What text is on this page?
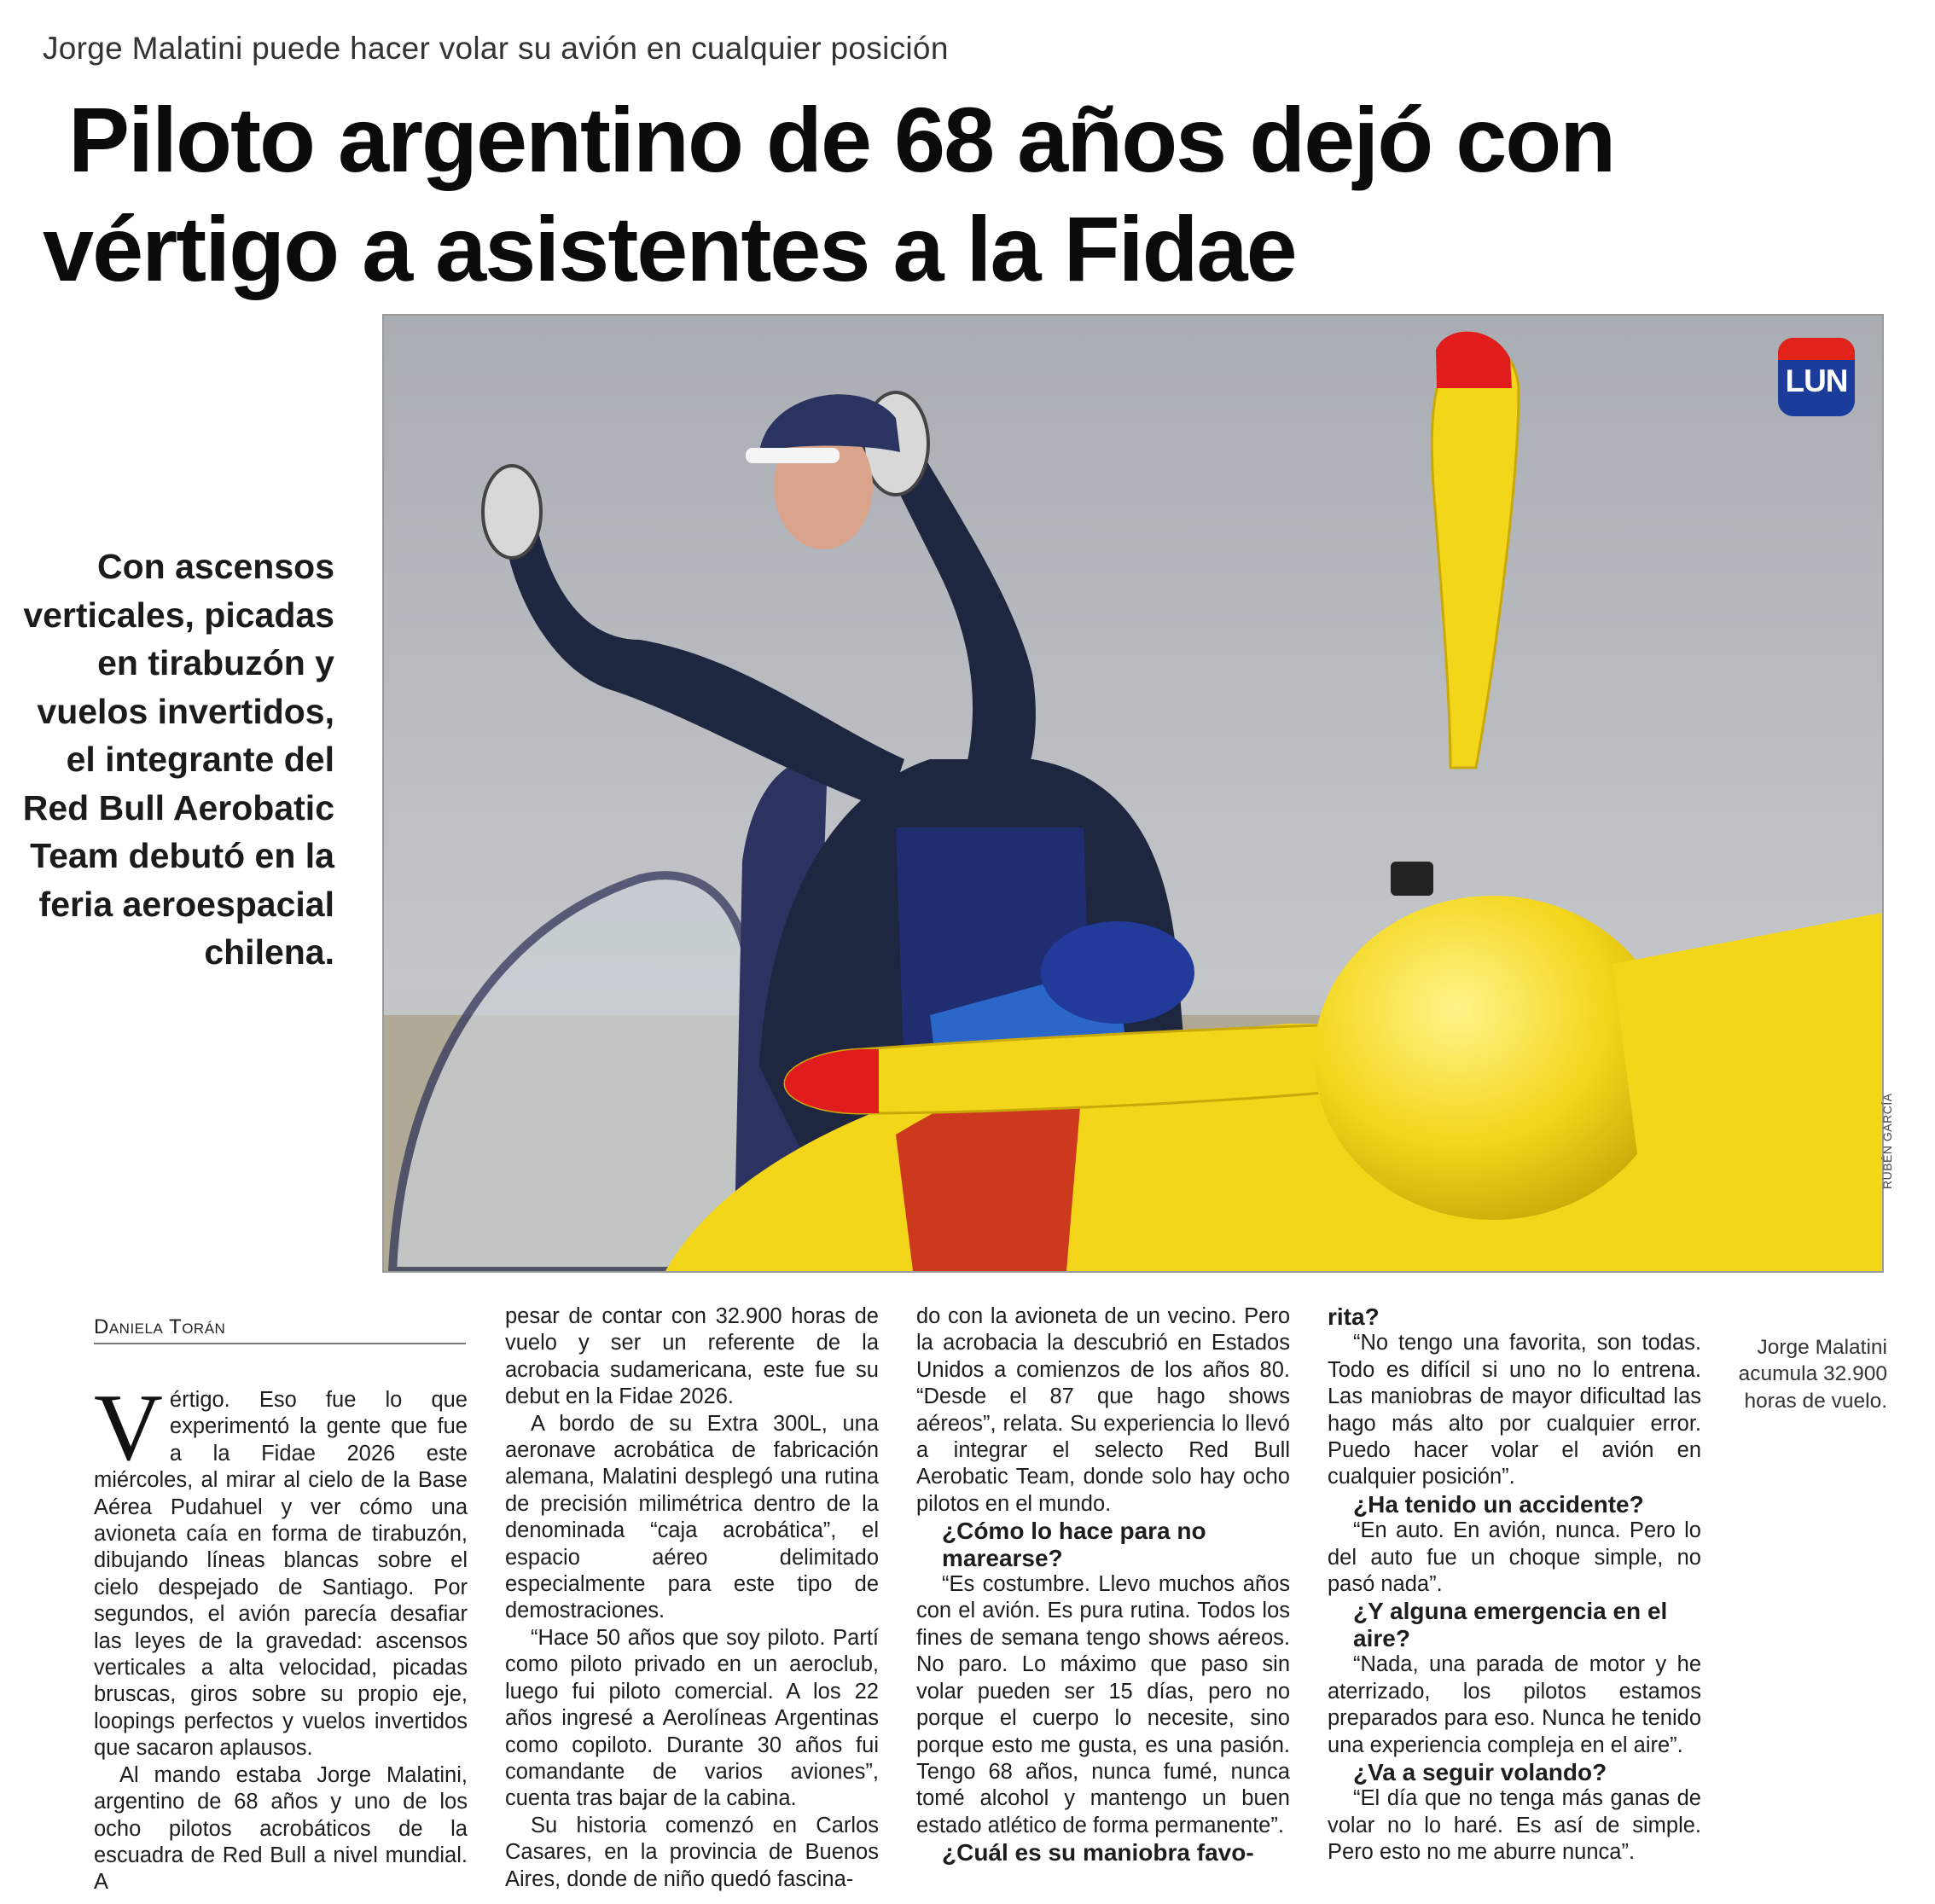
Jorge Malatini puede hacer volar su avión en cualquier posición
Piloto argentino de 68 años dejó con
vértigo a asistentes a la Fidae
Con ascensos verticales, picadas en tirabuzón y vuelos invertidos, el integrante del Red Bull Aerobatic Team debutó en la feria aeroespacial chilena.
LUN
RUBÉN GARCÍA
Daniela Torán
V értigo. Eso fue lo que experimentó la gente que fue a la Fidae 2026 este miércoles, al mirar al cielo de la Base Aérea Pudahuel y ver cómo una avioneta caía en forma de tirabuzón, dibujando líneas blancas sobre el cielo despejado de Santiago. Por segundos, el avión parecía desafiar las leyes de la gravedad: ascensos verticales a alta velocidad, picadas bruscas, giros sobre su propio eje, loopings perfectos y vuelos invertidos que sacaron aplausos.

Al mando estaba Jorge Malatini, argentino de 68 años y uno de los ocho pilotos acrobáticos de la escuadra de Red Bull a nivel mundial. A

pesar de contar con 32.900 horas de vuelo y ser un referente de la acrobacia sudamericana, este fue su debut en la Fidae 2026.

A bordo de su Extra 300L, una aeronave acrobática de fabricación alemana, Malatini desplegó una rutina de precisión milimétrica dentro de la denominada “caja acrobática”, el espacio aéreo delimitado especialmente para este tipo de demostraciones.

“Hace 50 años que soy piloto. Partí como piloto privado en un aeroclub, luego fui piloto comercial. A los 22 años ingresé a Aerolíneas Argentinas como copiloto. Durante 30 años fui comandante de varios aviones”, cuenta tras bajar de la cabina.

Su historia comenzó en Carlos Casares, en la provincia de Buenos Aires, donde de niño quedó fascina-

do con la avioneta de un vecino. Pero la acrobacia la descubrió en Estados Unidos a comienzos de los años 80. “Desde el 87 que hago shows aéreos”, relata. Su experiencia lo llevó a integrar el selecto Red Bull Aerobatic Team, donde solo hay ocho pilotos en el mundo.

¿Cómo lo hace para no marearse?

“Es costumbre. Llevo muchos años con el avión. Es pura rutina. Todos los fines de semana tengo shows aéreos. No paro. Lo máximo que paso sin volar pueden ser 15 días, pero no porque el cuerpo lo necesite, sino porque esto me gusta, es una pasión. Tengo 68 años, nunca fumé, nunca tomé alcohol y mantengo un buen estado atlético de forma permanente”.

¿Cuál es su maniobra favo-

rita?

“No tengo una favorita, son todas. Todo es difícil si uno no lo entrena. Las maniobras de mayor dificultad las hago más alto por cualquier error. Puedo hacer volar el avión en cualquier posición”.

¿Ha tenido un accidente?

“En auto. En avión, nunca. Pero lo del auto fue un choque simple, no pasó nada”.

¿Y alguna emergencia en el aire?

“Nada, una parada de motor y he aterrizado, los pilotos estamos preparados para eso. Nunca he tenido una experiencia compleja en el aire”.

¿Va a seguir volando?

“El día que no tenga más ganas de volar no lo haré. Es así de simple. Pero esto no me aburre nunca”.

Jorge Malatini acumula 32.900 horas de vuelo.
